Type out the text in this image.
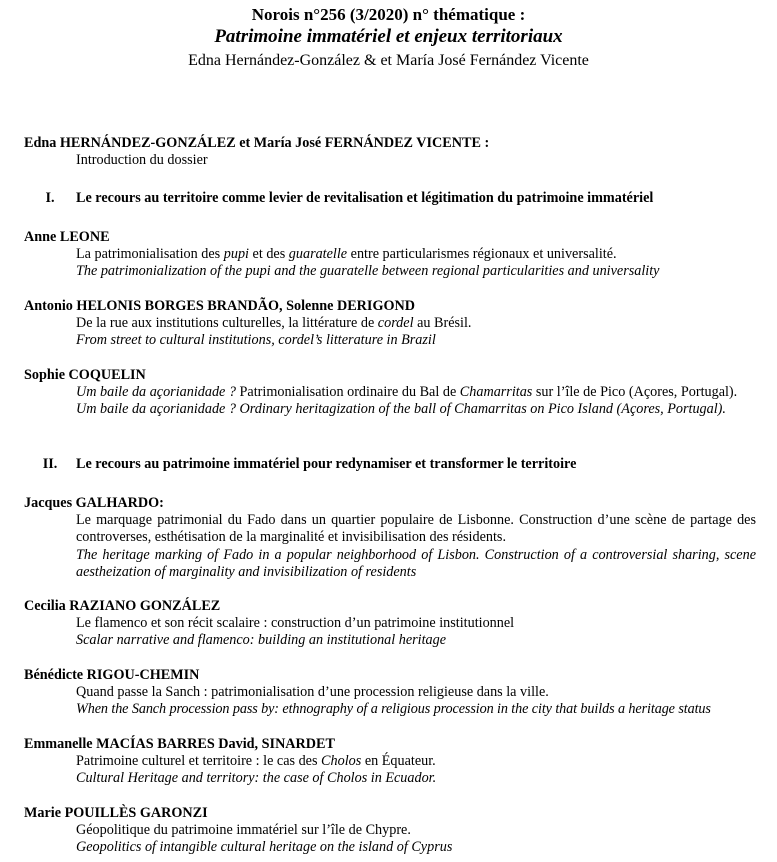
Norois n°256 (3/2020) n° thématique :
Patrimoine immatériel et enjeux territoriaux
Edna Hernández-González & et María José Fernández Vicente
Edna HERNÁNDEZ-GONZÁLEZ et María José FERNÁNDEZ VICENTE :
Introduction du dossier
I. Le recours au territoire comme levier de revitalisation et légitimation du patrimoine immatériel
Anne LEONE
La patrimonialisation des pupi et des guaratelle entre particularismes régionaux et universalité.
The patrimonialization of the pupi and the guaratelle between regional particularities and universality
Antonio HELONIS BORGES BRANDÃO, Solenne DERIGOND
De la rue aux institutions culturelles, la littérature de cordel au Brésil.
From street to cultural institutions, cordel’s litterature in Brazil
Sophie COQUELIN
Um baile da açorianidade ? Patrimonialisation ordinaire du Bal de Chamarritas sur l’île de Pico (Açores, Portugal).
Um baile da açorianidade ? Ordinary heritagization of the ball of Chamarritas on Pico Island (Açores, Portugal).
II. Le recours au patrimoine immatériel pour redynamiser et transformer le territoire
Jacques GALHARDO:
Le marquage patrimonial du Fado dans un quartier populaire de Lisbonne. Construction d’une scène de partage des controverses, esthétisation de la marginalité et invisibilisation des résidents.
The heritage marking of Fado in a popular neighborhood of Lisbon. Construction of a controversial sharing, scene aestheization of marginality and invisibilization of residents
Cecilia RAZIANO GONZÁLEZ
Le flamenco et son récit scalaire : construction d’un patrimoine institutionnel
Scalar narrative and flamenco: building an institutional heritage
Bénédicte RIGOU-CHEMIN
Quand passe la Sanch : patrimonialisation d’une procession religieuse dans la ville.
When the Sanch procession pass by: ethnography of a religious procession in the city that builds a heritage status
Emmanelle MACÍAS BARRES David, SINARDET
Patrimoine culturel et territoire : le cas des Cholos en Équateur.
Cultural Heritage and territory: the case of Cholos in Ecuador.
Marie POUILLÈS GARONZI
Géopolitique du patrimoine immatériel sur l’île de Chypre.
Geopolitics of intangible cultural heritage on the island of Cyprus
